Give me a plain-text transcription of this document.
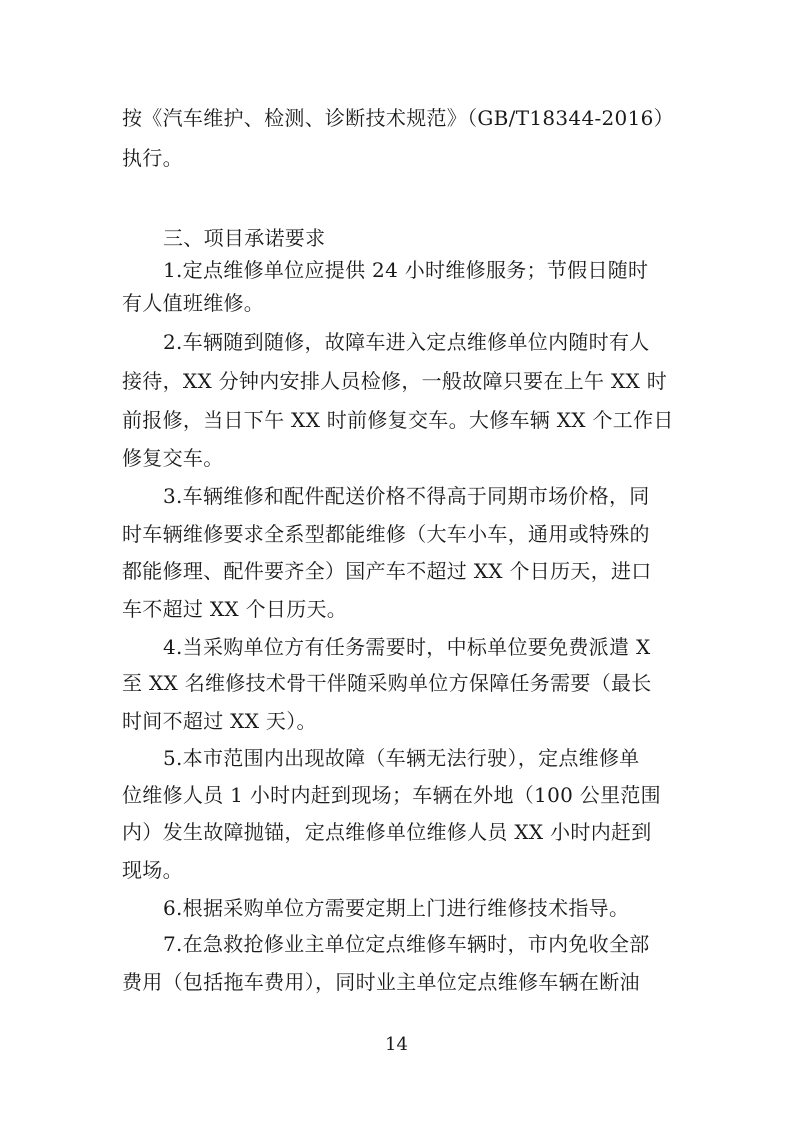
按《汽车维护、检测、诊断技术规范》（GB/T18344-2016）
执行。
三、项目承诺要求
1.定点维修单位应提供 24 小时维修服务；节假日随时
有人值班维修。
2.车辆随到随修，故障车进入定点维修单位内随时有人
接待，XX 分钟内安排人员检修，一般故障只要在上午 XX 时
前报修，当日下午 XX 时前修复交车。大修车辆 XX 个工作日
修复交车。
3.车辆维修和配件配送价格不得高于同期市场价格，同
时车辆维修要求全系型都能维修（大车小车，通用或特殊的
都能修理、配件要齐全）国产车不超过 XX 个日历天，进口
车不超过 XX 个日历天。
4.当采购单位方有任务需要时，中标单位要免费派遣 X
至 XX 名维修技术骨干伴随采购单位方保障任务需要（最长
时间不超过 XX 天）。
5.本市范围内出现故障（车辆无法行驶），定点维修单
位维修人员 1 小时内赶到现场；车辆在外地（100 公里范围
内）发生故障抛锚，定点维修单位维修人员 XX 小时内赶到
现场。
6.根据采购单位方需要定期上门进行维修技术指导。
7.在急救抢修业主单位定点维修车辆时，市内免收全部
费用（包括拖车费用），同时业主单位定点维修车辆在断油
14
